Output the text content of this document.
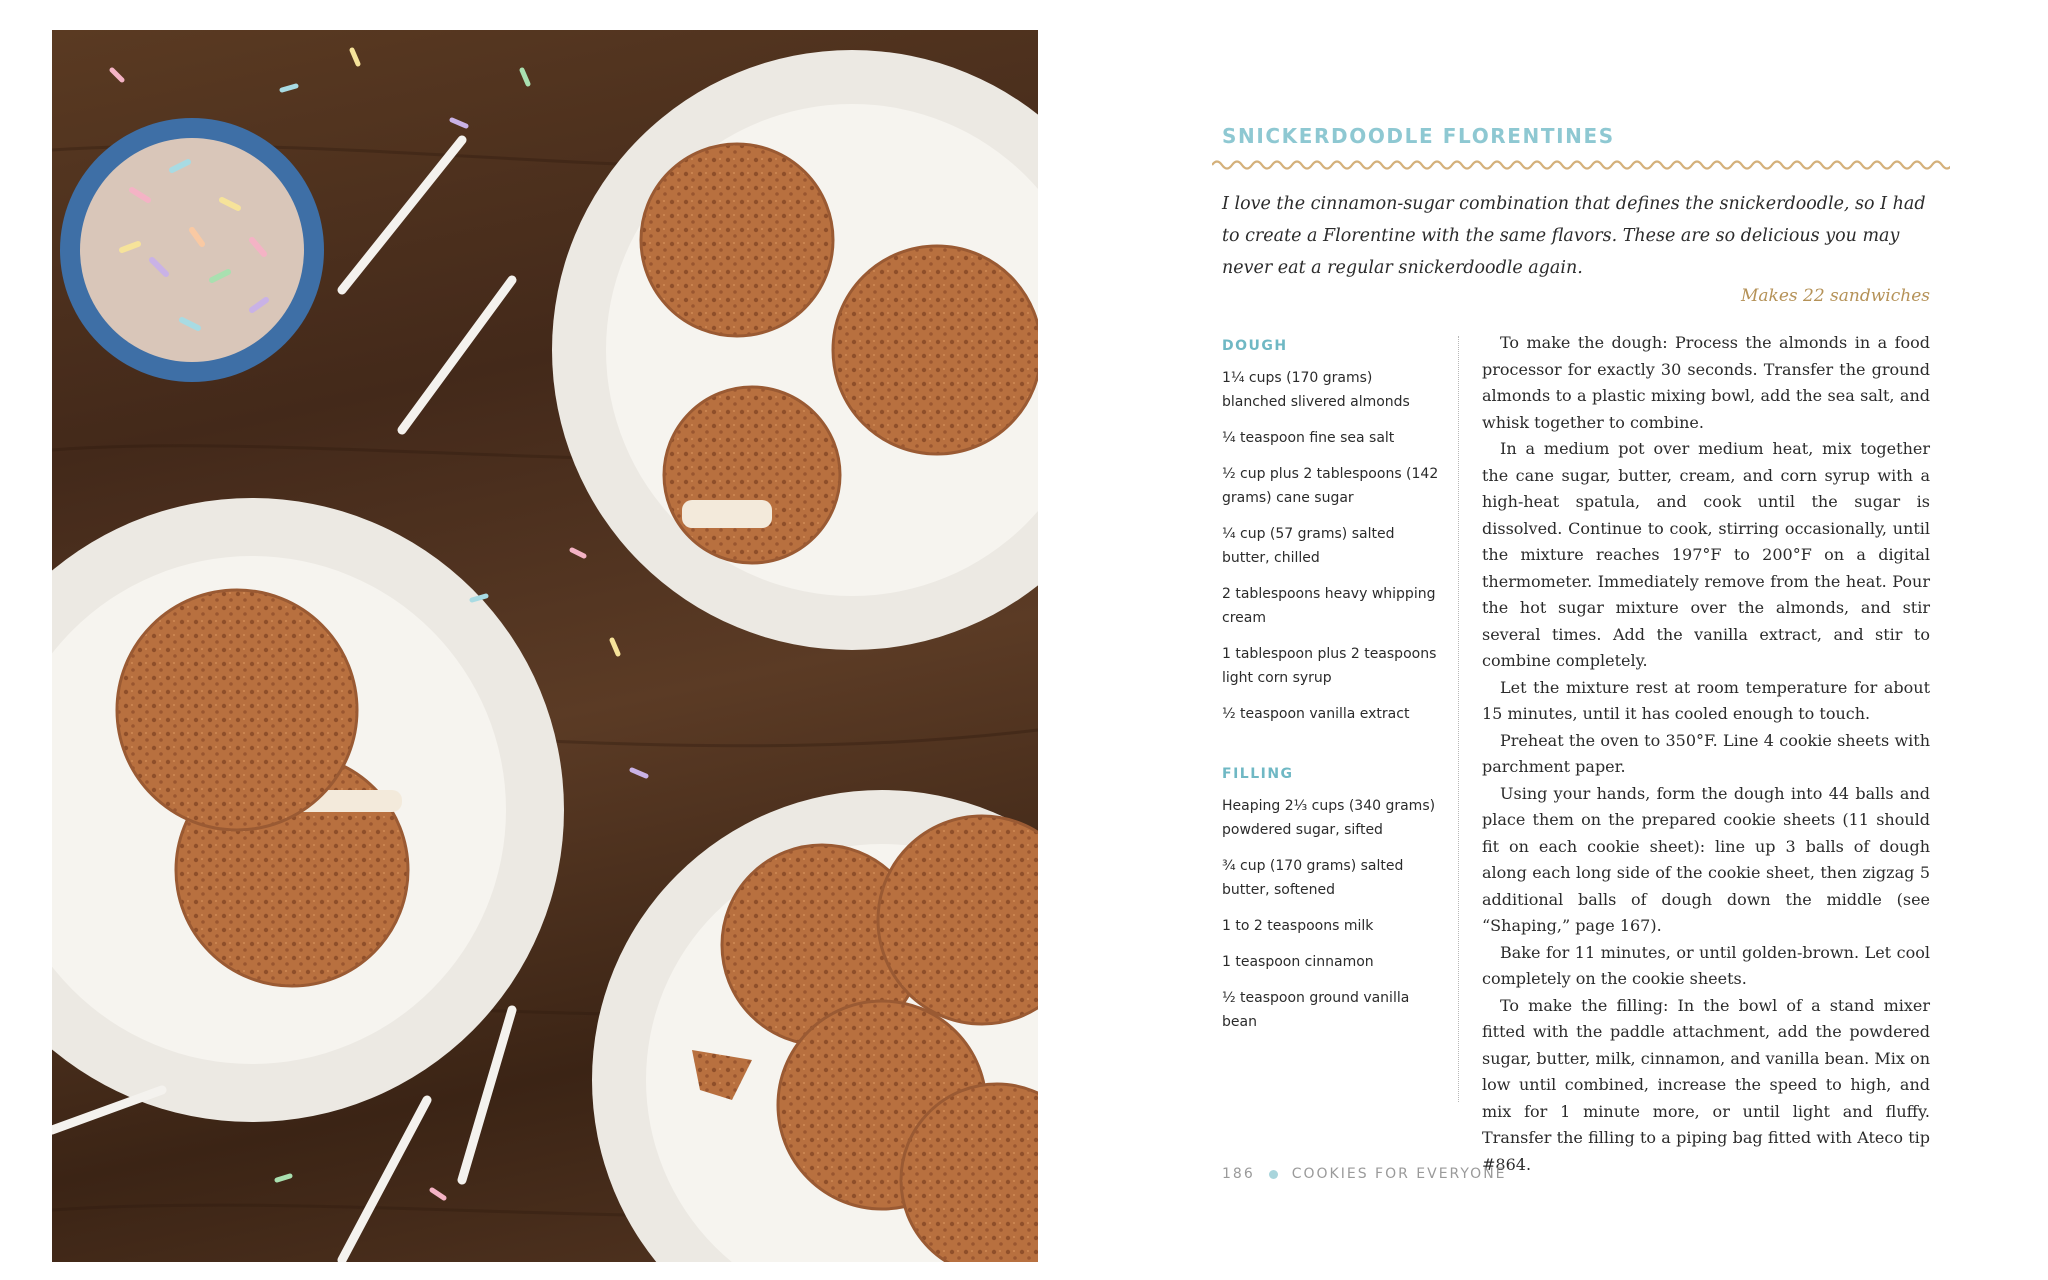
SNICKERDOODLE FLORENTINES

I love the cinnamon-sugar combination that defines the snickerdoodle, so I had to create a Florentine with the same flavors. These are so delicious you may never eat a regular snickerdoodle again.

Makes 22 sandwiches
DOUGH
1¹⁄₄ cups (170 grams) blanched slivered almonds
¹⁄₄ teaspoon fine sea salt
¹⁄₂ cup plus 2 tablespoons (142 grams) cane sugar
¹⁄₄ cup (57 grams) salted butter, chilled
2 tablespoons heavy whipping cream
1 tablespoon plus 2 teaspoons light corn syrup
¹⁄₂ teaspoon vanilla extract
FILLING
Heaping 2¹⁄₃ cups (340 grams) powdered sugar, sifted
³⁄₄ cup (170 grams) salted butter, softened
1 to 2 teaspoons milk
1 teaspoon cinnamon
¹⁄₂ teaspoon ground vanilla bean

To make the dough: Process the almonds in a food processor for exactly 30 seconds. Transfer the ground almonds to a plastic mixing bowl, add the sea salt, and whisk together to combine.

In a medium pot over medium heat, mix together the cane sugar, butter, cream, and corn syrup with a high-heat spatula, and cook until the sugar is dissolved. Continue to cook, stirring occasionally, until the mixture reaches 197°F to 200°F on a digital thermometer. Immediately remove from the heat. Pour the hot sugar mixture over the almonds, and stir several times. Add the vanilla extract, and stir to combine completely.

Let the mixture rest at room temperature for about 15 minutes, until it has cooled enough to touch.

Preheat the oven to 350°F. Line 4 cookie sheets with parchment paper.

Using your hands, form the dough into 44 balls and place them on the prepared cookie sheets (11 should fit on each cookie sheet): line up 3 balls of dough along each long side of the cookie sheet, then zigzag 5 additional balls of dough down the middle (see “Shaping,” page 167).

Bake for 11 minutes, or until golden-brown. Let cool completely on the cookie sheets.

To make the filling: In the bowl of a stand mixer fitted with the paddle attachment, add the powdered sugar, butter, milk, cinnamon, and vanilla bean. Mix on low until combined, increase the speed to high, and mix for 1 minute more, or until light and fluffy. Transfer the filling to a piping bag fitted with Ateco tip #864.

186	COOKIES FOR EVERYONE
